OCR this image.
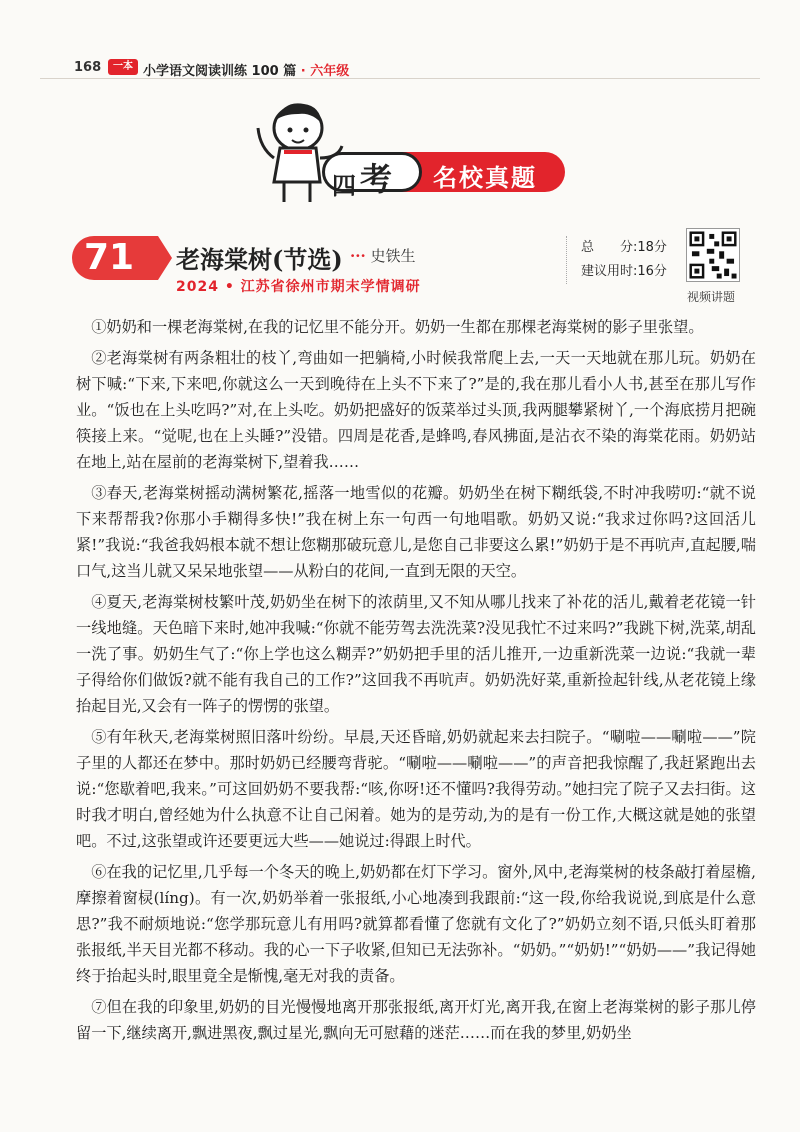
168	一本 小学语文阅读训练 100 篇 · 六年级
四考 名校真题
71 老海棠树(节选) ··· 史铁生
2024 • 江苏省徐州市期末学情调研
总　　分:18分
建议用时:16分
视频讲题

①奶奶和一棵老海棠树,在我的记忆里不能分开。奶奶一生都在那棵老海棠树的影子里张望。

②老海棠树有两条粗壮的枝丫,弯曲如一把躺椅,小时候我常爬上去,一天一天地就在那儿玩。奶奶在树下喊:“下来,下来吧,你就这么一天到晚待在上头不下来了?”是的,我在那儿看小人书,甚至在那儿写作业。“饭也在上头吃吗?”对,在上头吃。奶奶把盛好的饭菜举过头顶,我两腿攀紧树丫,一个海底捞月把碗筷接上来。“觉呢,也在上头睡?”没错。四周是花香,是蜂鸣,春风拂面,是沾衣不染的海棠花雨。奶奶站在地上,站在屋前的老海棠树下,望着我……

③春天,老海棠树摇动满树繁花,摇落一地雪似的花瓣。奶奶坐在树下糊纸袋,不时冲我唠叨:“就不说下来帮帮我?你那小手糊得多快!”我在树上东一句西一句地唱歌。奶奶又说:“我求过你吗?这回活儿紧!”我说:“我爸我妈根本就不想让您糊那破玩意儿,是您自己非要这么累!”奶奶于是不再吭声,直起腰,喘口气,这当儿就又呆呆地张望——从粉白的花间,一直到无限的天空。

④夏天,老海棠树枝繁叶茂,奶奶坐在树下的浓荫里,又不知从哪儿找来了补花的活儿,戴着老花镜一针一线地缝。天色暗下来时,她冲我喊:“你就不能劳驾去洗洗菜?没见我忙不过来吗?”我跳下树,洗菜,胡乱一洗了事。奶奶生气了:“你上学也这么糊弄?”奶奶把手里的活儿推开,一边重新洗菜一边说:“我就一辈子得给你们做饭?就不能有我自己的工作?”这回我不再吭声。奶奶洗好菜,重新捡起针线,从老花镜上缘抬起目光,又会有一阵子的愣愣的张望。

⑤有年秋天,老海棠树照旧落叶纷纷。早晨,天还昏暗,奶奶就起来去扫院子。“唰啦——唰啦——”院子里的人都还在梦中。那时奶奶已经腰弯背驼。“唰啦——唰啦——”的声音把我惊醒了,我赶紧跑出去说:“您歇着吧,我来。”可这回奶奶不要我帮:“咳,你呀!还不懂吗?我得劳动。”她扫完了院子又去扫街。这时我才明白,曾经她为什么执意不让自己闲着。她为的是劳动,为的是有一份工作,大概这就是她的张望吧。不过,这张望或许还要更远大些——她说过:得跟上时代。

⑥在我的记忆里,几乎每一个冬天的晚上,奶奶都在灯下学习。窗外,风中,老海棠树的枝条敲打着屋檐,摩擦着窗棂(líng)。有一次,奶奶举着一张报纸,小心地凑到我跟前:“这一段,你给我说说,到底是什么意思?”我不耐烦地说:“您学那玩意儿有用吗?就算都看懂了您就有文化了?”奶奶立刻不语,只低头盯着那张报纸,半天目光都不移动。我的心一下子收紧,但知已无法弥补。“奶奶。”“奶奶!”“奶奶——”我记得她终于抬起头时,眼里竟全是惭愧,毫无对我的责备。

⑦但在我的印象里,奶奶的目光慢慢地离开那张报纸,离开灯光,离开我,在窗上老海棠树的影子那儿停留一下,继续离开,飘进黑夜,飘过星光,飘向无可慰藉的迷茫……而在我的梦里,奶奶坐
